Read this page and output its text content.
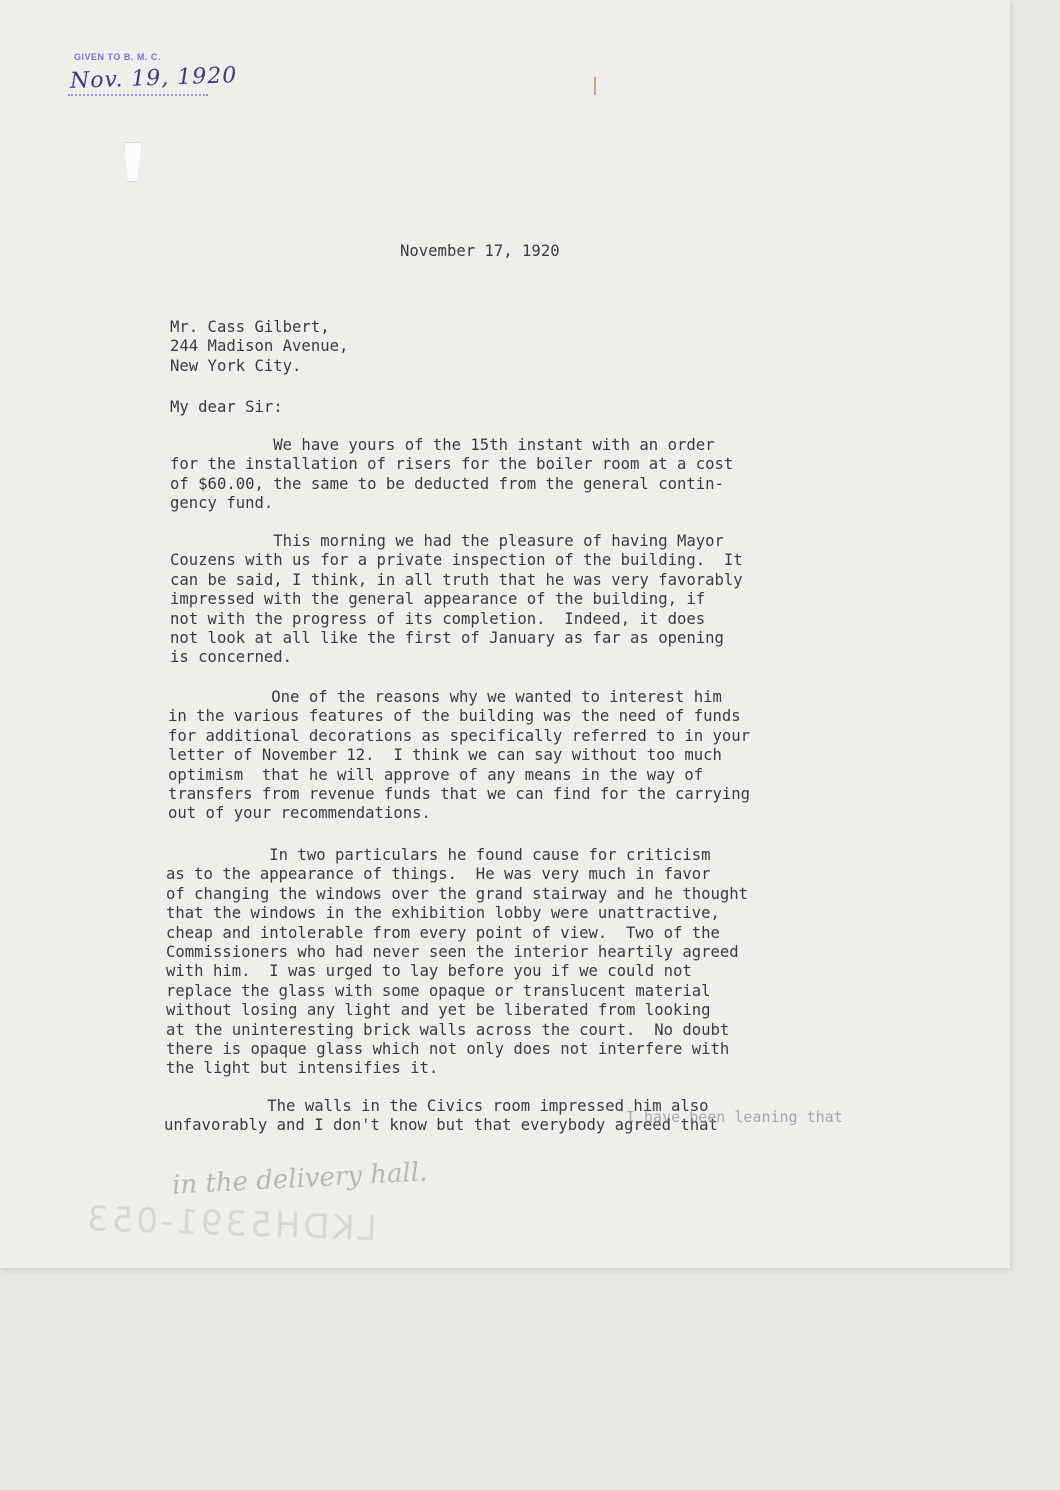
GIVEN TO B. M. C.
Nov. 19, 1920
November 17, 1920
Mr. Cass Gilbert,
244 Madison Avenue,
New York City.
My dear Sir:
We have yours of the 15th instant with an order
for the installation of risers for the boiler room at a cost
of $60.00, the same to be deducted from the general contin-
gency fund.
This morning we had the pleasure of having Mayor
Couzens with us for a private inspection of the building.  It
can be said, I think, in all truth that he was very favorably
impressed with the general appearance of the building, if
not with the progress of its completion.  Indeed, it does
not look at all like the first of January as far as opening
is concerned.
One of the reasons why we wanted to interest him
in the various features of the building was the need of funds
for additional decorations as specifically referred to in your
letter of November 12.  I think we can say without too much
optimism  that he will approve of any means in the way of
transfers from revenue funds that we can find for the carrying
out of your recommendations.
In two particulars he found cause for criticism
as to the appearance of things.  He was very much in favor
of changing the windows over the grand stairway and he thought
that the windows in the exhibition lobby were unattractive,
cheap and intolerable from every point of view.  Two of the
Commissioners who had never seen the interior heartily agreed
with him.  I was urged to lay before you if we could not
replace the glass with some opaque or translucent material
without losing any light and yet be liberated from looking
at the uninteresting brick walls across the court.  No doubt
there is opaque glass which not only does not interfere with
the light but intensifies it.
The walls in the Civics room impressed him also
unfavorably and I don't know but that everybody agreed that
I have been leaning that
in the delivery hall.
LKDH5391-053
